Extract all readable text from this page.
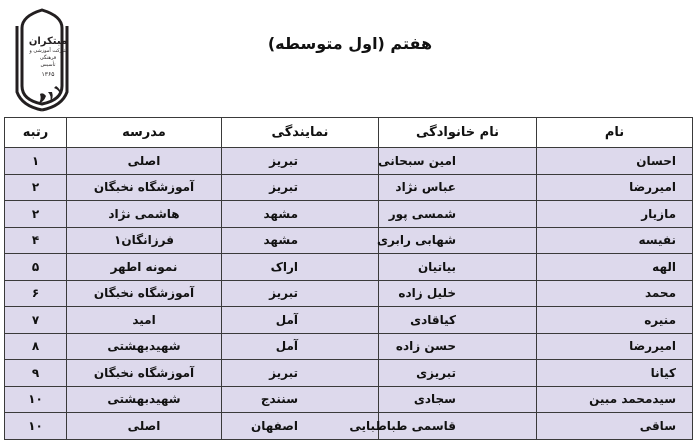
مبتکران
شرکت آموزشی و فرهنگی
تأسیس
۱۳۶۵
هفتم (اول متوسطه)
نام	نام خانوادگی	نمایندگی	مدرسه	رتبه
احسان	امین سبحانی	تبریز	اصلی	۱
امیررضا	عباس نژاد	تبریز	آموزشگاه نخبگان	۲
مازیار	شمسی پور	مشهد	هاشمی نژاد	۲
نفیسه	شهابی رابری	مشهد	فرزانگان۱	۴
الهه	بیاتیان	اراک	نمونه اطهر	۵
محمد	خلیل زاده	تبریز	آموزشگاه نخبگان	۶
منیره	کیاقادی	آمل	امید	۷
امیررضا	حسن زاده	آمل	شهیدبهشتی	۸
کیانا	تبریزی	تبریز	آموزشگاه نخبگان	۹
سیدمحمد مبین	سجادی	سنندج	شهیدبهشتی	۱۰
ساقی	قاسمی طباطبایی	اصفهان	اصلی	۱۰
